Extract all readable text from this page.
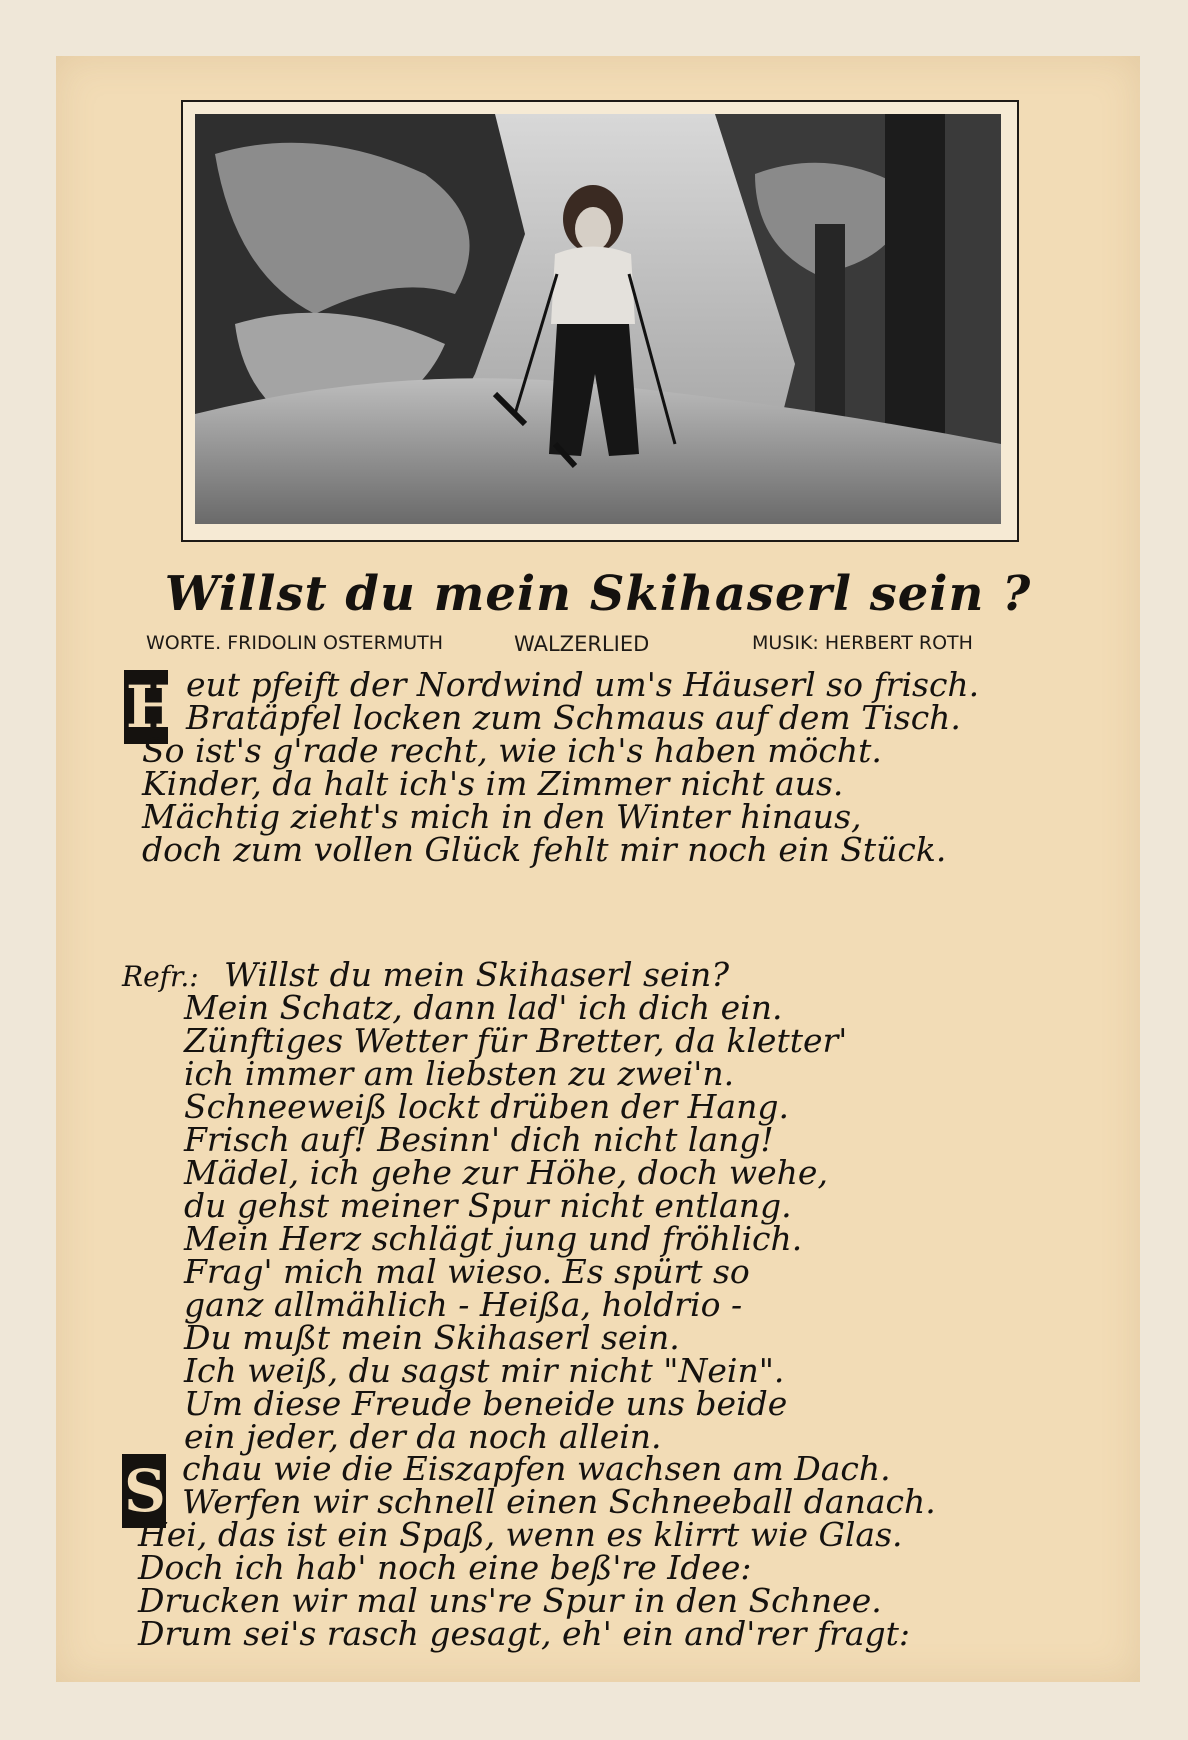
Willst du mein Skihaserl sein ?
WORTE. FRIDOLIN OSTERMUTH	WALZERLIED	MUSIK: HERBERT ROTH
H eut pfeift der Nordwind um's Häuserl so frisch.
Bratäpfel locken zum Schmaus auf dem Tisch.
So ist's g'rade recht, wie ich's haben möcht.
Kinder, da halt ich's im Zimmer nicht aus.
Mächtig zieht's mich in den Winter hinaus,
doch zum vollen Glück fehlt mir noch ein Stück.
Refr.: Willst du mein Skihaserl sein?
Mein Schatz, dann lad' ich dich ein.
Zünftiges Wetter für Bretter, da kletter'
ich immer am liebsten zu zwei'n.
Schneeweiß lockt drüben der Hang.
Frisch auf! Besinn' dich nicht lang!
Mädel, ich gehe zur Höhe, doch wehe,
du gehst meiner Spur nicht entlang.
Mein Herz schlägt jung und fröhlich.
Frag' mich mal wieso. Es spürt so
ganz allmählich - Heißa, holdrio -
Du mußt mein Skihaserl sein.
Ich weiß, du sagst mir nicht "Nein".
Um diese Freude beneide uns beide
ein jeder, der da noch allein.
S chau wie die Eiszapfen wachsen am Dach.
Werfen wir schnell einen Schneeball danach.
Hei, das ist ein Spaß, wenn es klirrt wie Glas.
Doch ich hab' noch eine beß're Idee:
Drucken wir mal uns're Spur in den Schnee.
Drum sei's rasch gesagt, eh' ein and'rer fragt:
